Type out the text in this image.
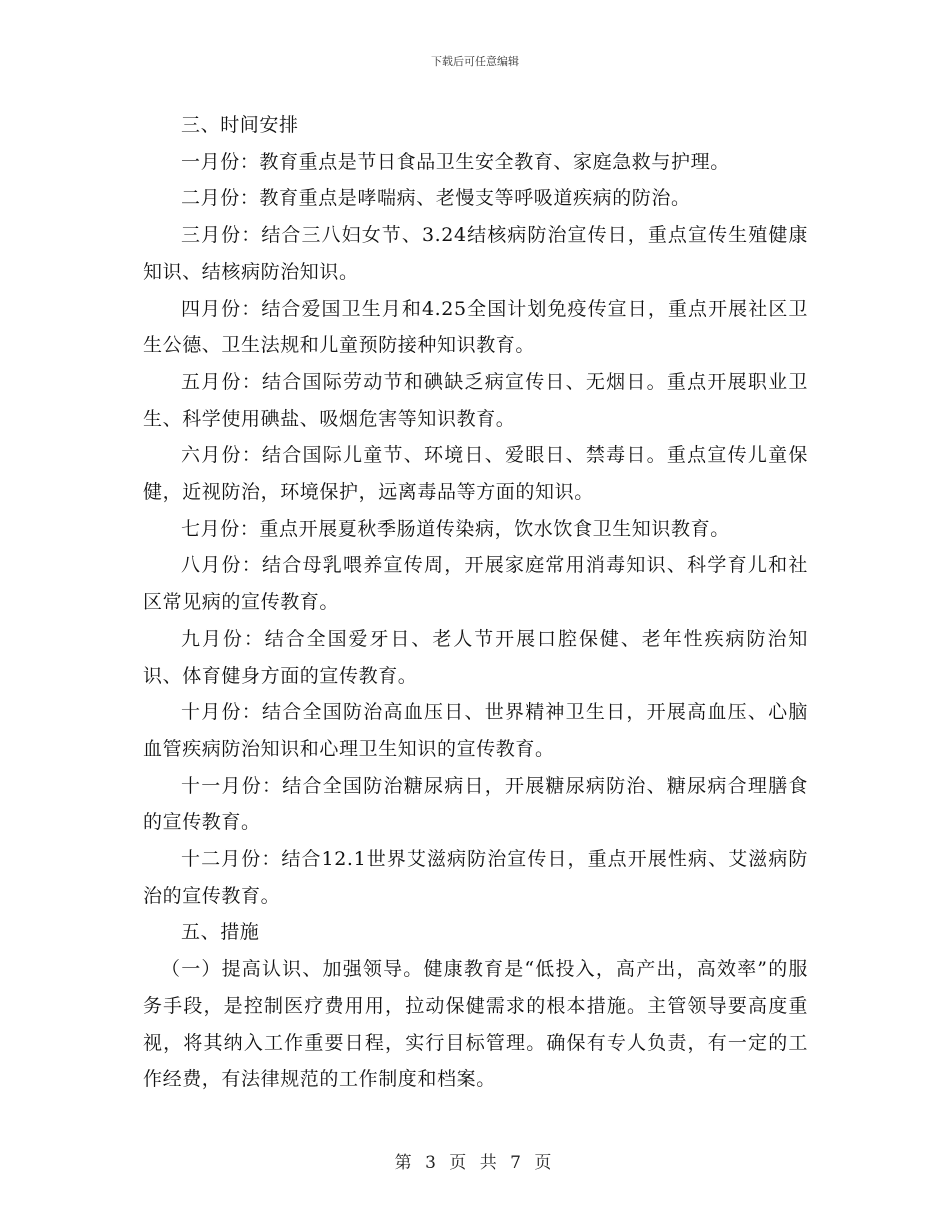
下载后可任意编辑

三、时间安排

一月份：教育重点是节日食品卫生安全教育、家庭急救与护理。

二月份：教育重点是哮喘病、老慢支等呼吸道疾病的防治。

三月份：结合三八妇女节、3.24结核病防治宣传日，重点宣传生殖健康知识、结核病防治知识。

四月份：结合爱国卫生月和4.25全国计划免疫传宣日，重点开展社区卫生公德、卫生法规和儿童预防接种知识教育。

五月份：结合国际劳动节和碘缺乏病宣传日、无烟日。重点开展职业卫生、科学使用碘盐、吸烟危害等知识教育。

六月份：结合国际儿童节、环境日、爱眼日、禁毒日。重点宣传儿童保健，近视防治，环境保护，远离毒品等方面的知识。

七月份：重点开展夏秋季肠道传染病，饮水饮食卫生知识教育。

八月份：结合母乳喂养宣传周，开展家庭常用消毒知识、科学育儿和社区常见病的宣传教育。

九月份：结合全国爱牙日、老人节开展口腔保健、老年性疾病防治知识、体育健身方面的宣传教育。

十月份：结合全国防治高血压日、世界精神卫生日，开展高血压、心脑血管疾病防治知识和心理卫生知识的宣传教育。

十一月份：结合全国防治糖尿病日，开展糖尿病防治、糖尿病合理膳食的宣传教育。

十二月份：结合12.1世界艾滋病防治宣传日，重点开展性病、艾滋病防治的宣传教育。

五、措施

（一）提高认识、加强领导。健康教育是“低投入，高产出，高效率”的服务手段，是控制医疗费用用，拉动保健需求的根本措施。主管领导要高度重视，将其纳入工作重要日程，实行目标管理。确保有专人负责，有一定的工作经费，有法律规范的工作制度和档案。

第 3 页 共 7 页
